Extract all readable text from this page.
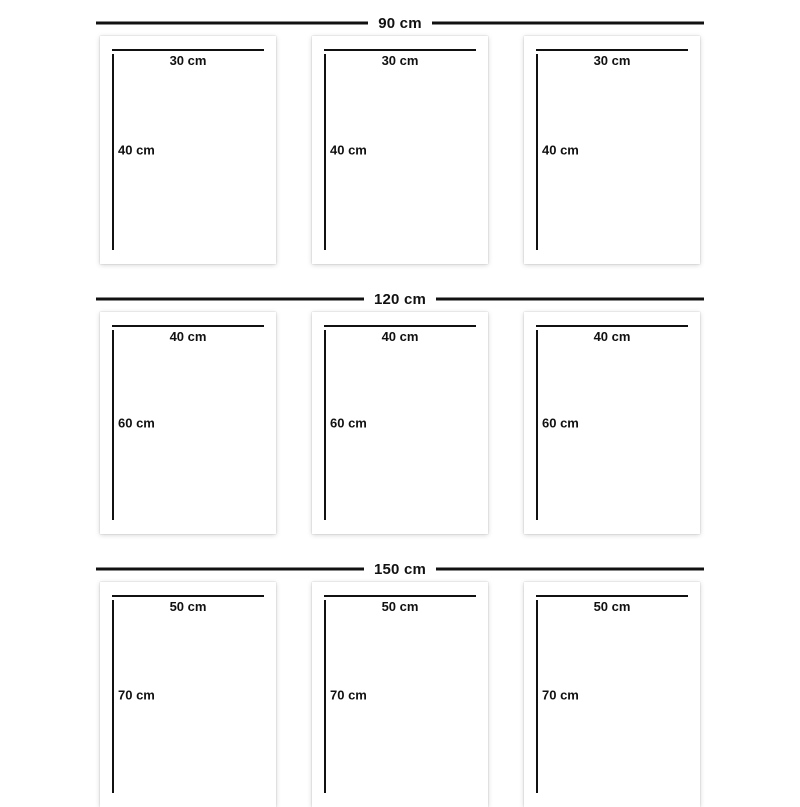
90 cm
30 cm
40 cm
30 cm
40 cm
30 cm
40 cm
120 cm
40 cm
60 cm
40 cm
60 cm
40 cm
60 cm
150 cm
50 cm
70 cm
50 cm
70 cm
50 cm
70 cm
